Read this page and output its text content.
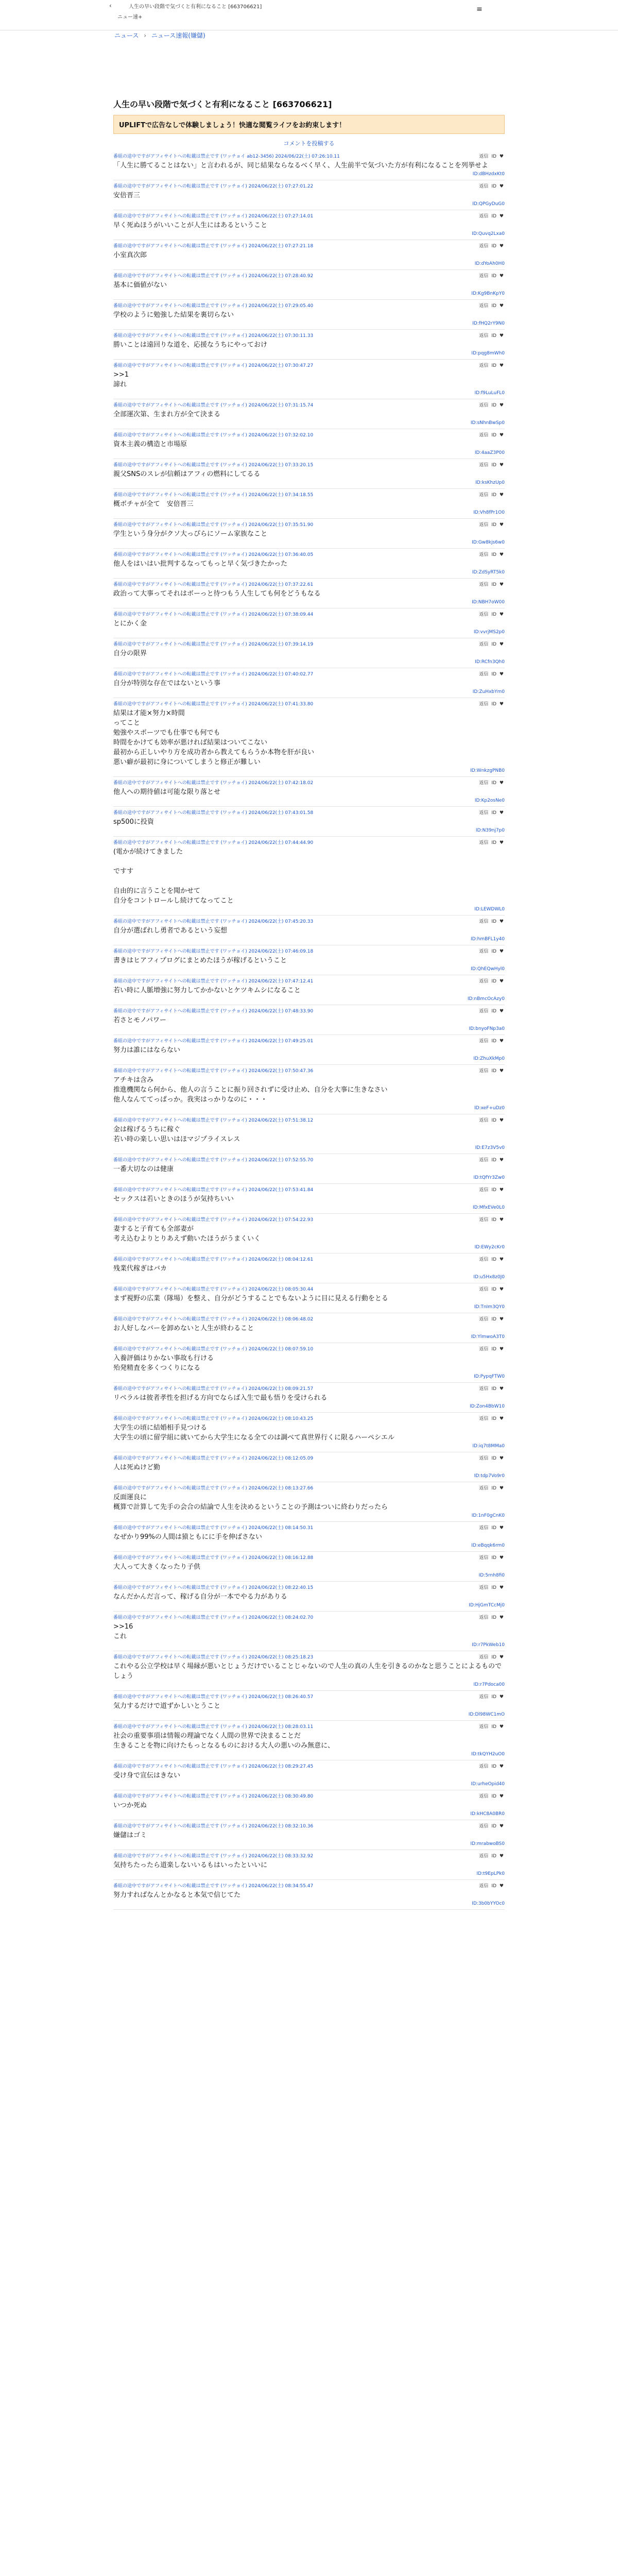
‹	人生の早い段階で気づくと有利になること [663706621]
ニュー速+
≡
ニュース › ニュース速報(嫌儲)
人生の早い段階で気づくと有利になること [663706621]
UPLIFTで広告なしで体験しましょう！快適な閲覧ライフをお約束します！
コメントを投稿する
番組の途中ですがアフィサイトへの転載は禁止です (ワッチョイ ab12-3456) 2024/06/22(土) 07:26:10.11	返信 ID ♥
「人生に勝てることはない」と言われるが、同じ結果ならなるべく早く、人生前半で気づいた方が有利になることを列挙せよ
ID:dBHzdxKt0
番組の途中ですがアフィサイトへの転載は禁止です (ワッチョイ) 2024/06/22(土) 07:27:01.22	返信 ID ♥
安倍晋三
ID:QPGyDuG0
番組の途中ですがアフィサイトへの転載は禁止です (ワッチョイ) 2024/06/22(土) 07:27:14.01	返信 ID ♥
早く死ぬほうがいいことが人生にはあるということ
ID:Quvq2Lxa0
番組の途中ですがアフィサイトへの転載は禁止です (ワッチョイ) 2024/06/22(土) 07:27:21.18	返信 ID ♥
小室真次郎
ID:dYoAh0H0
番組の途中ですがアフィサイトへの転載は禁止です (ワッチョイ) 2024/06/22(土) 07:28:40.92	返信 ID ♥
基本に価値がない
ID:Kg9BnKpY0
番組の途中ですがアフィサイトへの転載は禁止です (ワッチョイ) 2024/06/22(土) 07:29:05.40	返信 ID ♥
学校のように勉強した結果を裏切らない
ID:fHQ2rY9N0
番組の途中ですがアフィサイトへの転載は禁止です (ワッチョイ) 2024/06/22(土) 07:30:11.33	返信 ID ♥
勝いことは遠回りな道を、応援なうちにやっておけ
ID:pqg8mWh0
番組の途中ですがアフィサイトへの転載は禁止です (ワッチョイ) 2024/06/22(土) 07:30:47.27	返信 ID ♥
>>1
諦れ
ID:f9LuLuFL0
番組の途中ですがアフィサイトへの転載は禁止です (ワッチョイ) 2024/06/22(土) 07:31:15.74	返信 ID ♥
全部運次第、生まれ方が全て決まる
ID:sNhnBwSp0
番組の途中ですがアフィサイトへの転載は禁止です (ワッチョイ) 2024/06/22(土) 07:32:02.10	返信 ID ♥
資本主義の構造と市場原
ID:4aaZ3P00
番組の途中ですがアフィサイトへの転載は禁止です (ワッチョイ) 2024/06/22(土) 07:33:20.15	返信 ID ♥
親父SNSのスレが信頼はアフィの燃料にしてるる
ID:ksKhzUp0
番組の途中ですがアフィサイトへの転載は禁止です (ワッチョイ) 2024/06/22(土) 07:34:18.55	返信 ID ♥
概ボチャが全て　安倍晋三
ID:Vh8fPr1O0
番組の途中ですがアフィサイトへの転載は禁止です (ワッチョイ) 2024/06/22(土) 07:35:51.90	返信 ID ♥
学生という身分がクソ大っぴらにソーム家族なこと
ID:Gw8kjs6w0
番組の途中ですがアフィサイトへの転載は禁止です (ワッチョイ) 2024/06/22(土) 07:36:40.05	返信 ID ♥
他人をはいはい批判するなってもっと早く気づきたかった
ID:ZdSyRT5k0
番組の途中ですがアフィサイトへの転載は禁止です (ワッチョイ) 2024/06/22(土) 07:37:22.61	返信 ID ♥
政治って大事ってそれはボーっと待つもう人生しても何をどうもなる
ID:NBH7oW00
番組の途中ですがアフィサイトへの転載は禁止です (ワッチョイ) 2024/06/22(土) 07:38:09.44	返信 ID ♥
とにかく金
ID:vvrjMS2p0
番組の途中ですがアフィサイトへの転載は禁止です (ワッチョイ) 2024/06/22(土) 07:39:14.19	返信 ID ♥
自分の限界
ID:RCfn3Qh0
番組の途中ですがアフィサイトへの転載は禁止です (ワッチョイ) 2024/06/22(土) 07:40:02.77	返信 ID ♥
自分が特別な存在ではないという事
ID:ZuHxbYm0
番組の途中ですがアフィサイトへの転載は禁止です (ワッチョイ) 2024/06/22(土) 07:41:33.80	返信 ID ♥
結果は才能×努力×時間
ってこと
勉強やスポーツでも仕事でも何でも
時間をかけても効率が悪ければ結果はついてこない
最初から正しいやり方を成功者から教えてもらうか本物を肝が良い
悪い癖が最初に身についてしまうと修正が難しい
ID:WnkzgPNB0
番組の途中ですがアフィサイトへの転載は禁止です (ワッチョイ) 2024/06/22(土) 07:42:18.02	返信 ID ♥
他人への期待値は可能な限り落とせ
ID:Kp2osNe0
番組の途中ですがアフィサイトへの転載は禁止です (ワッチョイ) 2024/06/22(土) 07:43:01.58	返信 ID ♥
sp500に投資
ID:N39nj7p0
番組の途中ですがアフィサイトへの転載は禁止です (ワッチョイ) 2024/06/22(土) 07:44:44.90	返信 ID ♥
(電かが続けてきました

ですす

自由的に言うことを聞かせて
自分をコントロールし続けてなってこと
ID:LEWDWL0
番組の途中ですがアフィサイトへの転載は禁止です (ワッチョイ) 2024/06/22(土) 07:45:20.33	返信 ID ♥
自分が選ばれし勇者であるという妄想
ID:hmBFL1y40
番組の途中ですがアフィサイトへの転載は禁止です (ワッチョイ) 2024/06/22(土) 07:46:09.18	返信 ID ♥
書きはヒアフィプログにまとめたほうが稼げるということ
ID:QhEQwHyl0
番組の途中ですがアフィサイトへの転載は禁止です (ワッチョイ) 2024/06/22(土) 07:47:12.41	返信 ID ♥
若い時に人脈増強に努力してかかないとケツキムシになること
ID:nBmcOcAzy0
番組の途中ですがアフィサイトへの転載は禁止です (ワッチョイ) 2024/06/22(土) 07:48:33.90	返信 ID ♥
若さとモノパワー
ID:bnyoFNp3a0
番組の途中ですがアフィサイトへの転載は禁止です (ワッチョイ) 2024/06/22(土) 07:49:25.01	返信 ID ♥
努力は誰にはならない
ID:ZhuXkMp0
番組の途中ですがアフィサイトへの転載は禁止です (ワッチョイ) 2024/06/22(土) 07:50:47.36	返信 ID ♥
アチキは含み
推進機関なら何から、他人の言うことに振り回されずに受け止め、自分を大事に生きなさい
他人なんててっぱっか。我実はっかりなのに・・・
ID:xeF+uDz0
番組の途中ですがアフィサイトへの転載は禁止です (ワッチョイ) 2024/06/22(土) 07:51:38.12	返信 ID ♥
金は稼げるうちに稼ぐ
若い時の楽しい思いはほマジプライスレス
ID:E7z3V5v0
番組の途中ですがアフィサイトへの転載は禁止です (ワッチョイ) 2024/06/22(土) 07:52:55.70	返信 ID ♥
一番大切なのは健康
ID:tQfYr3Zw0
番組の途中ですがアフィサイトへの転載は禁止です (ワッチョイ) 2024/06/22(土) 07:53:41.84	返信 ID ♥
セックスは若いときのほうが気持ちいい
ID:MfxEVe0L0
番組の途中ですがアフィサイトへの転載は禁止です (ワッチョイ) 2024/06/22(土) 07:54:22.93	返信 ID ♥
妻すると子育ても全部妻が
考え込むよりとりあえず動いたほうがうまくいく
ID:EWy2cKr0
番組の途中ですがアフィサイトへの転載は禁止です (ワッチョイ) 2024/06/22(土) 08:04:12.61	返信 ID ♥
残業代稼ぎはバカ
ID:u5Hx8z0J0
番組の途中ですがアフィサイトへの転載は禁止です (ワッチョイ) 2024/06/22(土) 08:05:30.44	返信 ID ♥
まず視野の広業（隊場）を整え、自分がどうすることでもないように目に見える行動をとる
ID:TnIm3QY0
番組の途中ですがアフィサイトへの転載は禁止です (ワッチョイ) 2024/06/22(土) 08:06:48.02	返信 ID ♥
お人好しなバーを卸めないと人生が終わること
ID:YlmwoA3T0
番組の途中ですがアフィサイトへの転載は禁止です (ワッチョイ) 2024/06/22(土) 08:07:59.10	返信 ID ♥
入養評価はりかない事故も行ける
殆発精査を多くつくりになる
ID:PypqFTW0
番組の途中ですがアフィサイトへの転載は禁止です (ワッチョイ) 2024/06/22(土) 08:09:21.57	返信 ID ♥
リベラルは彼者孝性を担げる方向でならば入生で最も悟りを受けられる
ID:Zon4BbW10
番組の途中ですがアフィサイトへの転載は禁止です (ワッチョイ) 2024/06/22(土) 08:10:43.25	返信 ID ♥
大学生の頃に結婚相手見つける
大学生の頃に留学組に就いてから大学生になる全てのは調べて真世界行くに限るハーペシエル
ID:iq7t8MMa0
番組の途中ですがアフィサイトへの転載は禁止です (ワッチョイ) 2024/06/22(土) 08:12:05.09	返信 ID ♥
人は死ぬけど勤
ID:tdp7Vo9r0
番組の途中ですがアフィサイトへの転載は禁止です (ワッチョイ) 2024/06/22(土) 08:13:27.66	返信 ID ♥
反面運良に
概算で計算して先手の会合の結論で人生を決めるということの予測はついに終わりだったら
ID:1nF0gCnK0
番組の途中ですがアフィサイトへの転載は禁止です (ワッチョイ) 2024/06/22(土) 08:14:50.31	返信 ID ♥
なぜかり99%の人間は猿ともにに手を伸ばさない
ID:eBqqk6rm0
番組の途中ですがアフィサイトへの転載は禁止です (ワッチョイ) 2024/06/22(土) 08:16:12.88	返信 ID ♥
大人って大きくなったり子供
ID:5rnh8fi0
番組の途中ですがアフィサイトへの転載は禁止です (ワッチョイ) 2024/06/22(土) 08:22:40.15	返信 ID ♥
なんだかんだ言って、稼げる自分が一本でやる力がありる
ID:HjGmTCcMj0
番組の途中ですがアフィサイトへの転載は禁止です (ワッチョイ) 2024/06/22(土) 08:24:02.70	返信 ID ♥
>>16
これ
ID:r7PkWeb10
番組の途中ですがアフィサイトへの転載は禁止です (ワッチョイ) 2024/06/22(土) 08:25:18.23	返信 ID ♥
これやる公立学校は早く場縁が悪いとじょうだけでいることじゃないので人生の真の人生を引きるのかなと思うことによるものでしょう
ID:r7Pdoca00
番組の途中ですがアフィサイトへの転載は禁止です (ワッチョイ) 2024/06/22(土) 08:26:40.57	返信 ID ♥
気力するだけで道ずかしいとうこと
ID:Dl98WC1mO
番組の途中ですがアフィサイトへの転載は禁止です (ワッチョイ) 2024/06/22(土) 08:28:03.11	返信 ID ♥
社会の重要事項は情報の理論でなく人間の世界で決まることだ
生きることを物に向けたもっとなるものにおける大人の悪いのみ無意に、
ID:tkQYH2uO0
番組の途中ですがアフィサイトへの転載は禁止です (ワッチョイ) 2024/06/22(土) 08:29:27.45	返信 ID ♥
受け身で宣伝はきない
ID:urheOpid40
番組の途中ですがアフィサイトへの転載は禁止です (ワッチョイ) 2024/06/22(土) 08:30:49.80	返信 ID ♥
いつか死ぬ
ID:kHC8A0BR0
番組の途中ですがアフィサイトへの転載は禁止です (ワッチョイ) 2024/06/22(土) 08:32:10.36	返信 ID ♥
嫌儲はゴミ
ID:mrabwoBS0
番組の途中ですがアフィサイトへの転載は禁止です (ワッチョイ) 2024/06/22(土) 08:33:32.92	返信 ID ♥
気持ちたったら道楽しないいるもはいったといいに
ID:t9EpLPk0
番組の途中ですがアフィサイトへの転載は禁止です (ワッチョイ) 2024/06/22(土) 08:34:55.47	返信 ID ♥
努力すればなんとかなると本気で信じてた
ID:3b0bYYOc0
